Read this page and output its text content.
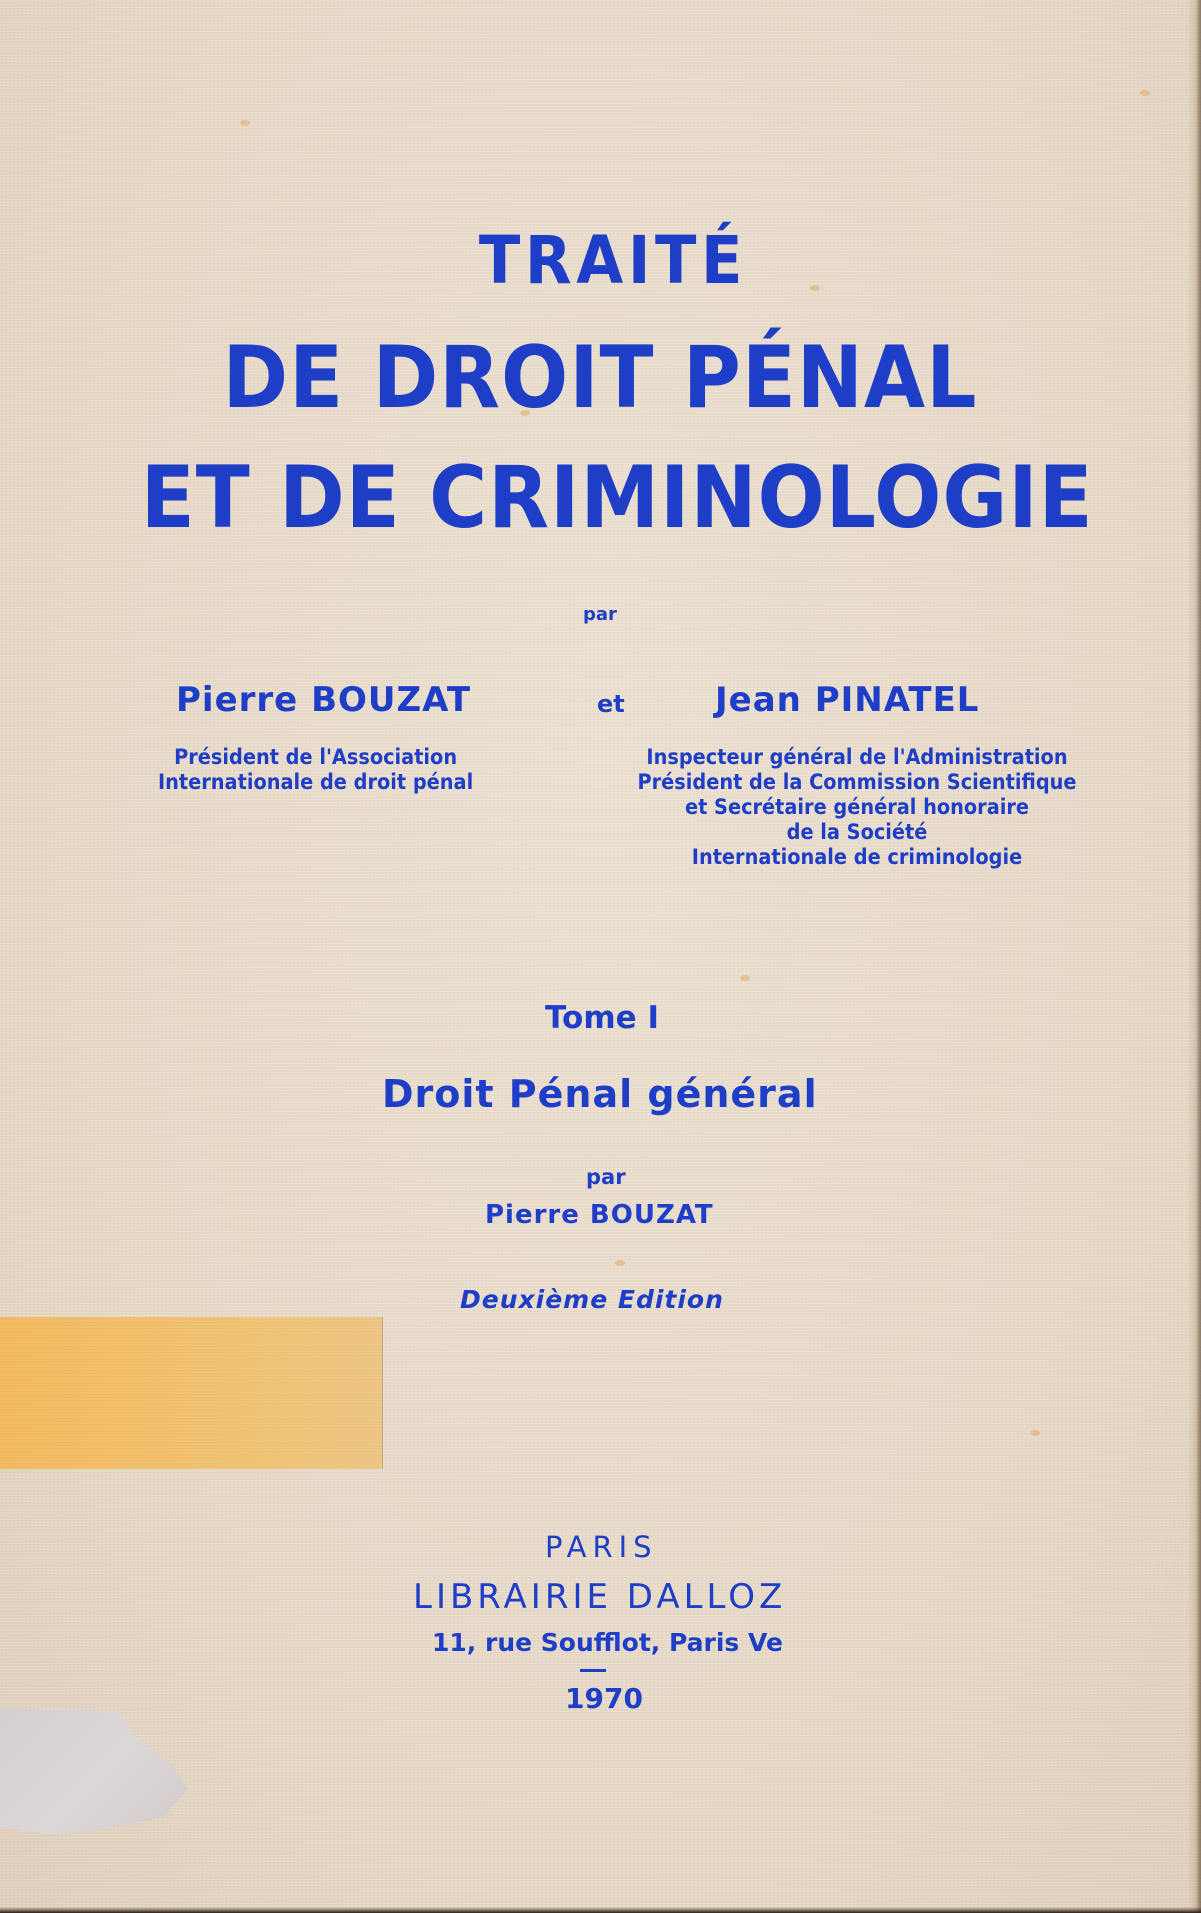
TRAITÉ
DE DROIT PÉNAL
ET DE CRIMINOLOGIE
par
Pierre BOUZAT	et	Jean PINATEL
Président de l'Association
Internationale de droit pénal
Inspecteur général de l'Administration
Président de la Commission Scientifique
et Secrétaire général honoraire
de la Société
Internationale de criminologie
Tome I
Droit Pénal général
par
Pierre BOUZAT
Deuxième Edition
PARIS
LIBRAIRIE DALLOZ
11, rue Soufflot, Paris Ve
1970
